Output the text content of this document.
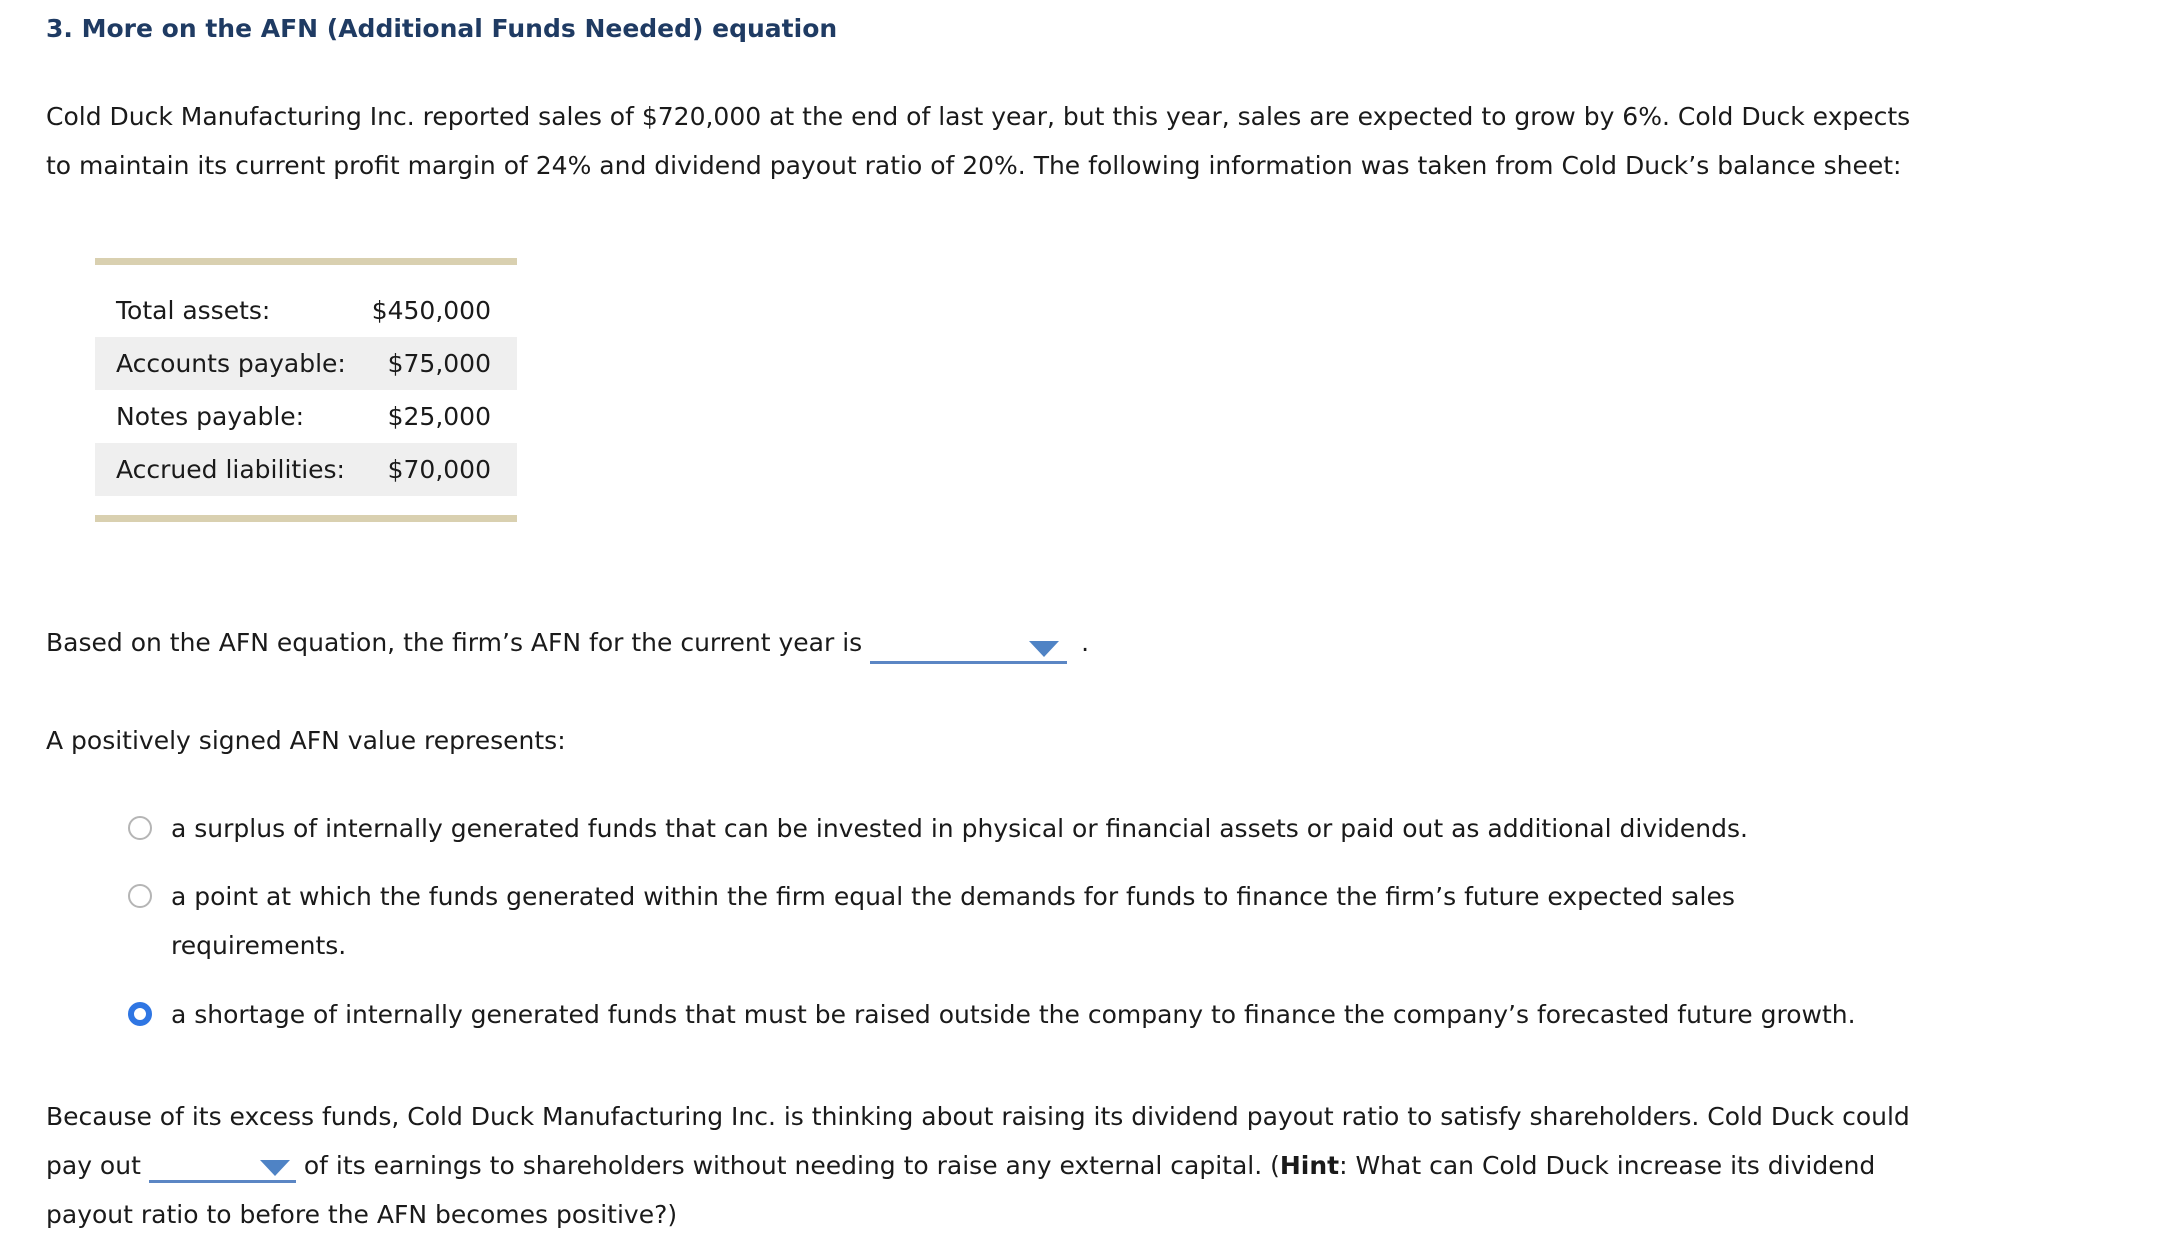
3. More on the AFN (Additional Funds Needed) equation
Cold Duck Manufacturing Inc. reported sales of $720,000 at the end of last year, but this year, sales are expected to grow by 6%. Cold Duck expects
to maintain its current profit margin of 24% and dividend payout ratio of 20%. The following information was taken from Cold Duck’s balance sheet:
Total assets:	$450,000
Accounts payable:	$75,000
Notes payable:	$25,000
Accrued liabilities:	$70,000
Based on the AFN equation, the firm’s AFN for the current year is	.
A positively signed AFN value represents:
a surplus of internally generated funds that can be invested in physical or financial assets or paid out as additional dividends.
a point at which the funds generated within the firm equal the demands for funds to finance the firm’s future expected sales
requirements.
a shortage of internally generated funds that must be raised outside the company to finance the company’s forecasted future growth.
Because of its excess funds, Cold Duck Manufacturing Inc. is thinking about raising its dividend payout ratio to satisfy shareholders. Cold Duck could
pay out	of its earnings to shareholders without needing to raise any external capital. (Hint: What can Cold Duck increase its dividend
payout ratio to before the AFN becomes positive?)
